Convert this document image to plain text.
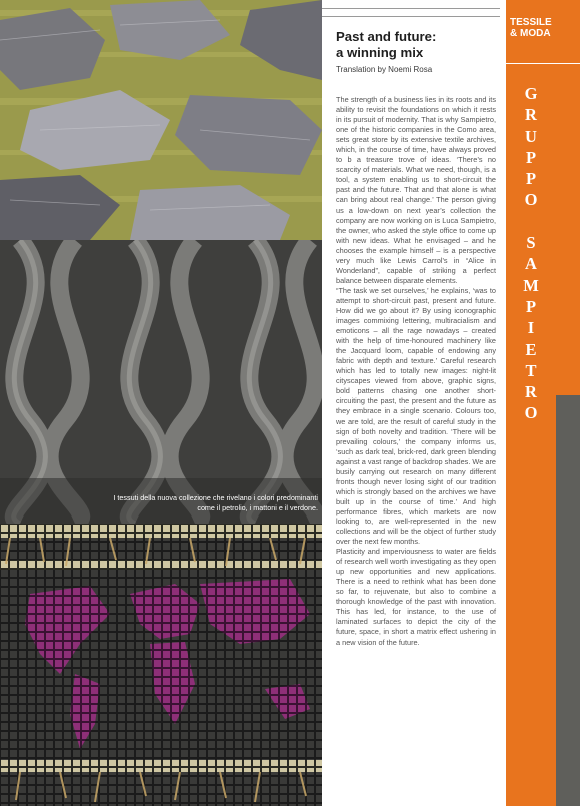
I tessuti della nuova collezione che rivelano i colori predominanti
come il petrolio, i mattoni e il verdone.
Past and future:
a winning mix
Translation by Noemi Rosa

The strength of a business lies in its roots and its ability to revisit the foundations on which it rests in its pursuit of modernity. That is why Sampietro, one of the historic companies in the Como area, sets great store by its extensive textile archives, which, in the course of time, have always proved to b a treasure trove of ideas. ‘There’s no scarcity of materials. What we need, though, is a tool, a system enabling us to short-circuit the past and the future. That and that alone is what can bring about real change.’ The person giving us a low-down on next year’s collection the company are now working on is Luca Sampietro, the owner, who asked the style office to come up with new ideas. What he envisaged – and he chooses the example himself – is a perspective very much like Lewis Carrol’s in “Alice in Wonderland”, capable of striking a perfect balance between disparate elements.

“The task we set ourselves,’ he explains, ‘was to attempt to short-circuit past, present and future. How did we go about it? By using iconographic images commixing lettering, multiracialism and emoticons – all the rage nowadays – created with the help of time-honoured machinery like the Jacquard loom, capable of endowing any fabric with depth and texture.’ Careful research which has led to totally new images: night-lit cityscapes viewed from above, graphic signs, bold patterns chasing one another short-circuiting the past, the present and the future as they embrace in a single scenario. Colours too, we are told, are the result of careful study in the sign of both novelty and tradition. ‘There will be prevailing colours,’ the company informs us, ‘such as dark teal, brick-red, dark green blending against a vast range of backdrop shades. We are busily carrying out research on many different fronts though never losing sight of our tradition which is strongly based on the archives we have built up in the course of time.’ And high performance fibres, which markets are now looking to, are well-represented in the new collections and will be the object of further study over the next few months.

Plasticity and imperviousness to water are fields of research well worth investigating as they open up new opportunities and new applications. There is a need to rethink what has been done so far, to rejuvenate, but also to combine a thorough knowledge of the past with innovation. This has led, for instance, to the use of laminated surfaces to depict the city of the future, space, in short a matrix effect ushering in a new vision of the future.

TESSILE
& MODA
G
R
U
P
P
O

S
A
M
P
I
E
T
R
O
